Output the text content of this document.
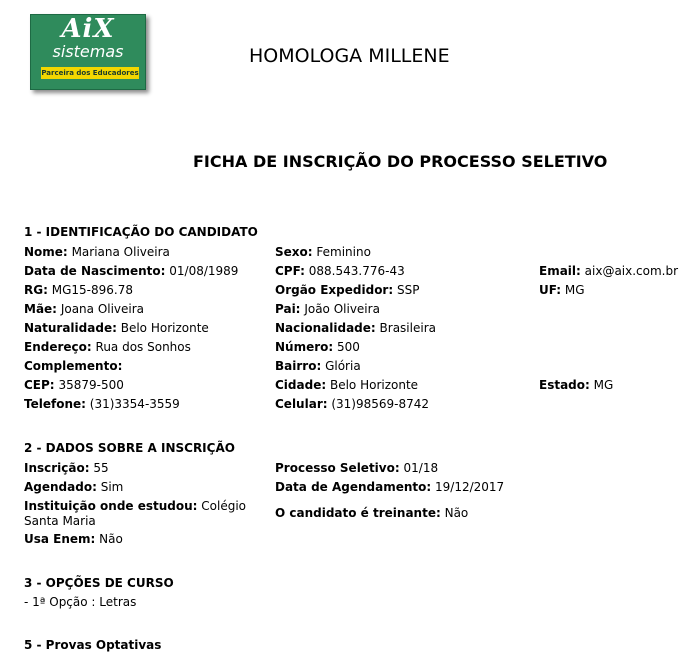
AiX
sistemas
Parceira dos Educadores
HOMOLOGA MILLENE
FICHA DE INSCRIÇÃO DO PROCESSO SELETIVO
1 - IDENTIFICAÇÃO DO CANDIDATO
Nome: Mariana Oliveira	Sexo: Feminino
Data de Nascimento: 01/08/1989	CPF: 088.543.776-43	Email: aix@aix.com.br
RG: MG15-896.78	Orgão Expedidor: SSP	UF: MG
Mãe: Joana Oliveira	Pai: João Oliveira
Naturalidade: Belo Horizonte	Nacionalidade: Brasileira
Endereço: Rua dos Sonhos	Número: 500
Complemento:	Bairro: Glória
CEP: 35879-500	Cidade: Belo Horizonte	Estado: MG
Telefone: (31)3354-3559	Celular: (31)98569-8742
2 - DADOS SOBRE A INSCRIÇÃO
Inscrição: 55	Processo Seletivo: 01/18
Agendado: Sim	Data de Agendamento: 19/12/2017
Instituição onde estudou: Colégio Santa Maria
O candidato é treinante: Não
Usa Enem: Não
3 - OPÇÕES DE CURSO
- 1ª Opção : Letras
5 - Provas Optativas
